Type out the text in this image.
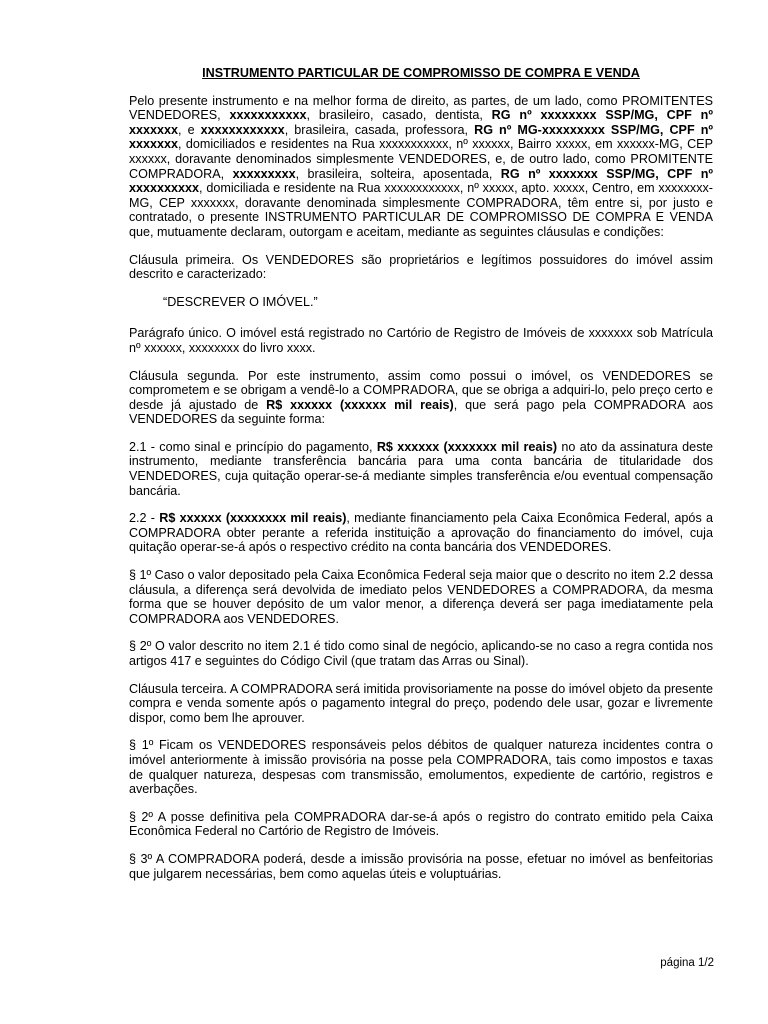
INSTRUMENTO PARTICULAR DE COMPROMISSO DE COMPRA E VENDA

Pelo presente instrumento e na melhor forma de direito, as partes, de um lado, como PROMITENTES VENDEDORES, xxxxxxxxxxx, brasileiro, casado, dentista, RG nº xxxxxxxx SSP/MG, CPF nº xxxxxxx, e xxxxxxxxxxxx, brasileira, casada, professora, RG nº MG-xxxxxxxxx SSP/MG, CPF nº xxxxxxx, domiciliados e residentes na Rua xxxxxxxxxxx, nº xxxxxx, Bairro xxxxx, em xxxxxx-MG, CEP xxxxxx, doravante denominados simplesmente VENDEDORES, e, de outro lado, como PROMITENTE COMPRADORA, xxxxxxxxx, brasileira, solteira, aposentada, RG nº xxxxxxx SSP/MG, CPF nº xxxxxxxxxx, domiciliada e residente na Rua xxxxxxxxxxxx, nº xxxxx, apto. xxxxx, Centro, em xxxxxxxx-MG, CEP xxxxxxx, doravante denominada simplesmente COMPRADORA, têm entre si, por justo e contratado, o presente INSTRUMENTO PARTICULAR DE COMPROMISSO DE COMPRA E VENDA que, mutuamente declaram, outorgam e aceitam, mediante as seguintes cláusulas e condições:

Cláusula primeira. Os VENDEDORES são proprietários e legítimos possuidores do imóvel assim descrito e caracterizado:

“DESCREVER O IMÓVEL.”

Parágrafo único. O imóvel está registrado no Cartório de Registro de Imóveis de xxxxxxx sob Matrícula nº xxxxxx, xxxxxxxx do livro xxxx.

Cláusula segunda. Por este instrumento, assim como possui o imóvel, os VENDEDORES se comprometem e se obrigam a vendê-lo a COMPRADORA, que se obriga a adquiri-lo, pelo preço certo e desde já ajustado de R$ xxxxxx (xxxxxx mil reais), que será pago pela COMPRADORA aos VENDEDORES da seguinte forma:

2.1 - como sinal e princípio do pagamento, R$ xxxxxx (xxxxxxx mil reais) no ato da assinatura deste instrumento, mediante transferência bancária para uma conta bancária de titularidade dos VENDEDORES, cuja quitação operar-se-á mediante simples transferência e/ou eventual compensação bancária.

2.2 - R$ xxxxxx (xxxxxxxx mil reais), mediante financiamento pela Caixa Econômica Federal, após a COMPRADORA obter perante a referida instituição a aprovação do financiamento do imóvel, cuja quitação operar-se-á após o respectivo crédito na conta bancária dos VENDEDORES.

§ 1º Caso o valor depositado pela Caixa Econômica Federal seja maior que o descrito no item 2.2 dessa cláusula, a diferença será devolvida de imediato pelos VENDEDORES a COMPRADORA, da mesma forma que se houver depósito de um valor menor, a diferença deverá ser paga imediatamente pela COMPRADORA aos VENDEDORES.

§ 2º O valor descrito no item 2.1 é tido como sinal de negócio, aplicando-se no caso a regra contida nos artigos 417 e seguintes do Código Civil (que tratam das Arras ou Sinal).

Cláusula terceira. A COMPRADORA será imitida provisoriamente na posse do imóvel objeto da presente compra e venda somente após o pagamento integral do preço, podendo dele usar, gozar e livremente dispor, como bem lhe aprouver.

§ 1º Ficam os VENDEDORES responsáveis pelos débitos de qualquer natureza incidentes contra o imóvel anteriormente à imissão provisória na posse pela COMPRADORA, tais como impostos e taxas de qualquer natureza, despesas com transmissão, emolumentos, expediente de cartório, registros e averbações.

§ 2º A posse definitiva pela COMPRADORA dar-se-á após o registro do contrato emitido pela Caixa Econômica Federal no Cartório de Registro de Imóveis.

§ 3º A COMPRADORA poderá, desde a imissão provisória na posse, efetuar no imóvel as benfeitorias que julgarem necessárias, bem como aquelas úteis e voluptuárias.

página 1/2
